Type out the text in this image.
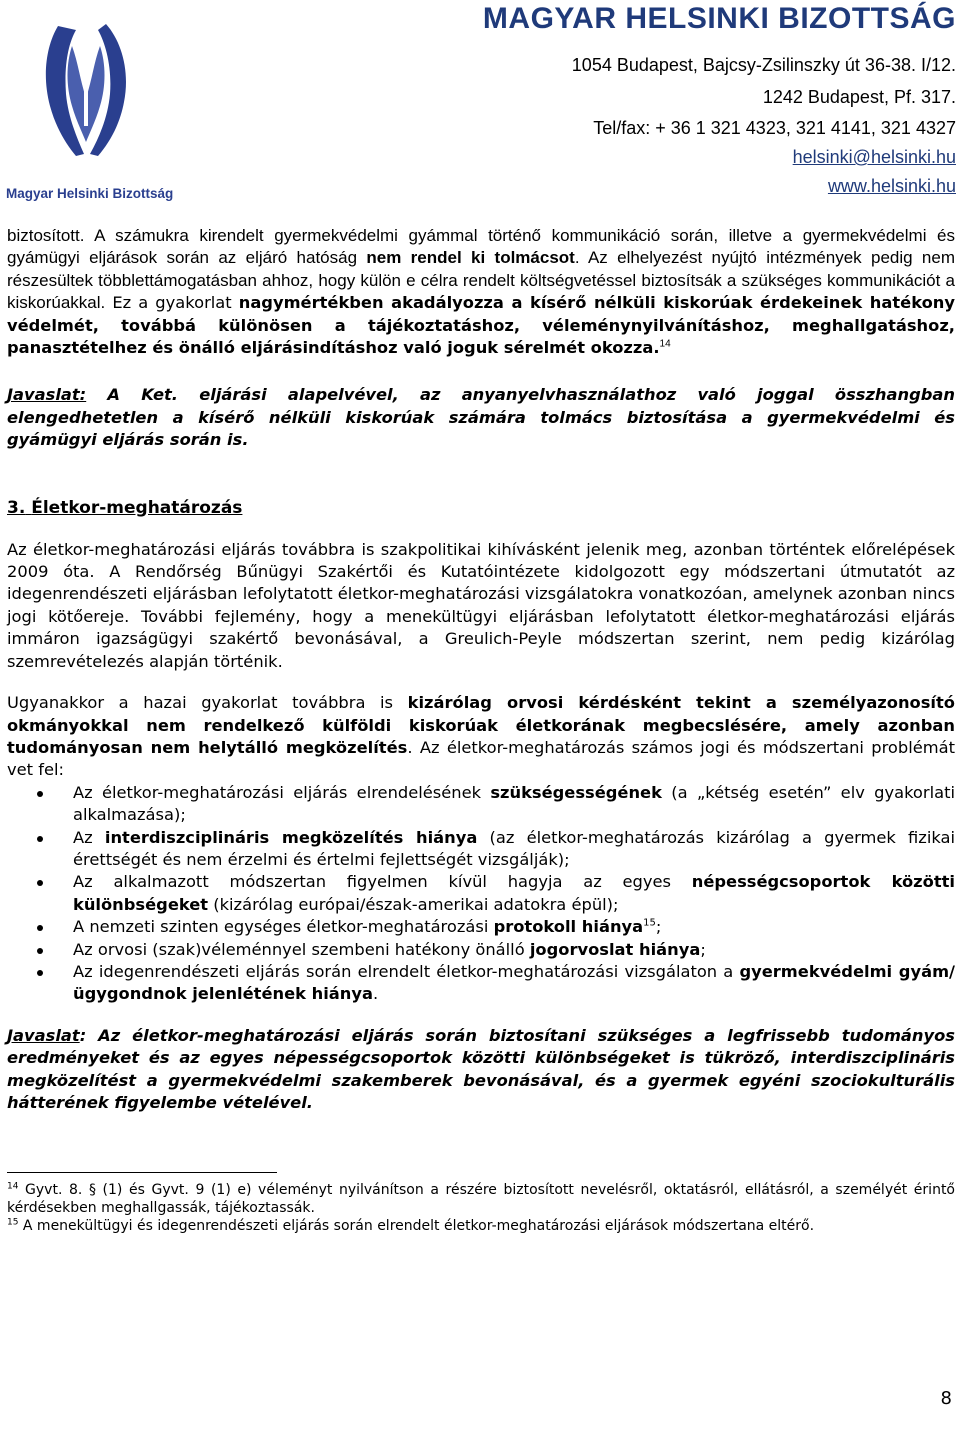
Magyar Helsinki Bizottság
MAGYAR HELSINKI BIZOTTSÁG
1054 Budapest, Bajcsy-Zsilinszky út 36-38. I/12.
1242 Budapest, Pf. 317.
Tel/fax: + 36 1 321 4323, 321 4141, 321 4327
helsinki@helsinki.hu
www.helsinki.hu

biztosított. A számukra kirendelt gyermekvédelmi gyámmal történő kommunikáció során, illetve a gyermekvédelmi és gyámügyi eljárások során az eljáró hatóság nem rendel ki tolmácsot. Az elhelyezést nyújtó intézmények pedig nem részesültek többlettámogatásban ahhoz, hogy külön e célra rendelt költségvetéssel biztosítsák a szükséges kommunikációt a kiskorúakkal. Ez a gyakorlat nagymértékben akadályozza a kísérő nélküli kiskorúak érdekeinek hatékony védelmét, továbbá különösen a tájékoztatáshoz, véleménynyilvánításhoz, meghallgatáshoz, panasztételhez és önálló eljárásindításhoz való joguk sérelmét okozza.$^{14}$

Javaslat: A Ket. eljárási alapelvével, az anyanyelvhasználathoz való joggal összhangban elengedhetetlen a kísérő nélküli kiskorúak számára tolmács biztosítása a gyermekvédelmi és gyámügyi eljárás során is.

3. Életkor-meghatározás

Az életkor-meghatározási eljárás továbbra is szakpolitikai kihívásként jelenik meg, azonban történtek előrelépések 2009 óta. A Rendőrség Bűnügyi Szakértői és Kutatóintézete kidolgozott egy módszertani útmutatót az idegenrendészeti eljárásban lefolytatott életkor-meghatározási vizsgálatokra vonatkozóan, amelynek azonban nincs jogi kötőereje. További fejlemény, hogy a menekültügyi eljárásban lefolytatott életkor-meghatározási eljárás immáron igazságügyi szakértő bevonásával, a Greulich-Peyle módszertan szerint, nem pedig kizárólag szemrevételezés alapján történik.

Ugyanakkor a hazai gyakorlat továbbra is kizárólag orvosi kérdésként tekint a személyazonosító okmányokkal nem rendelkező külföldi kiskorúak életkorának megbecslésére, amely azonban tudományosan nem helytálló megközelítés. Az életkor-meghatározás számos jogi és módszertani problémát vet fel:

Az életkor-meghatározási eljárás elrendelésének szükségességének (a „kétség esetén” elv gyakorlati alkalmazása);
Az interdiszciplináris megközelítés hiánya (az életkor-meghatározás kizárólag a gyermek fizikai érettségét és nem érzelmi és értelmi fejlettségét vizsgálják);
Az alkalmazott módszertan figyelmen kívül hagyja az egyes népességcsoportok közötti különbségeket (kizárólag európai/észak-amerikai adatokra épül);
A nemzeti szinten egységes életkor-meghatározási protokoll hiánya$^{15}$;
Az orvosi (szak)véleménnyel szembeni hatékony önálló jogorvoslat hiánya;
Az idegenrendészeti eljárás során elrendelt életkor-meghatározási vizsgálaton a gyermekvédelmi gyám/ügygondnok jelenlétének hiánya.

Javaslat: Az életkor-meghatározási eljárás során biztosítani szükséges a legfrissebb tudományos eredményeket és az egyes népességcsoportok közötti különbségeket is tükröző, interdiszciplináris megközelítést a gyermekvédelmi szakemberek bevonásával, és a gyermek egyéni szociokulturális hátterének figyelembe vételével.

$^{14}$ Gyvt. 8. § (1) és Gyvt. 9 (1) e) véleményt nyilvánítson a részére biztosított nevelésről, oktatásról, ellátásról, a személyét érintő kérdésekben meghallgassák, tájékoztassák.

$^{15}$ A menekültügyi és idegenrendészeti eljárás során elrendelt életkor-meghatározási eljárások módszertana eltérő.

8
